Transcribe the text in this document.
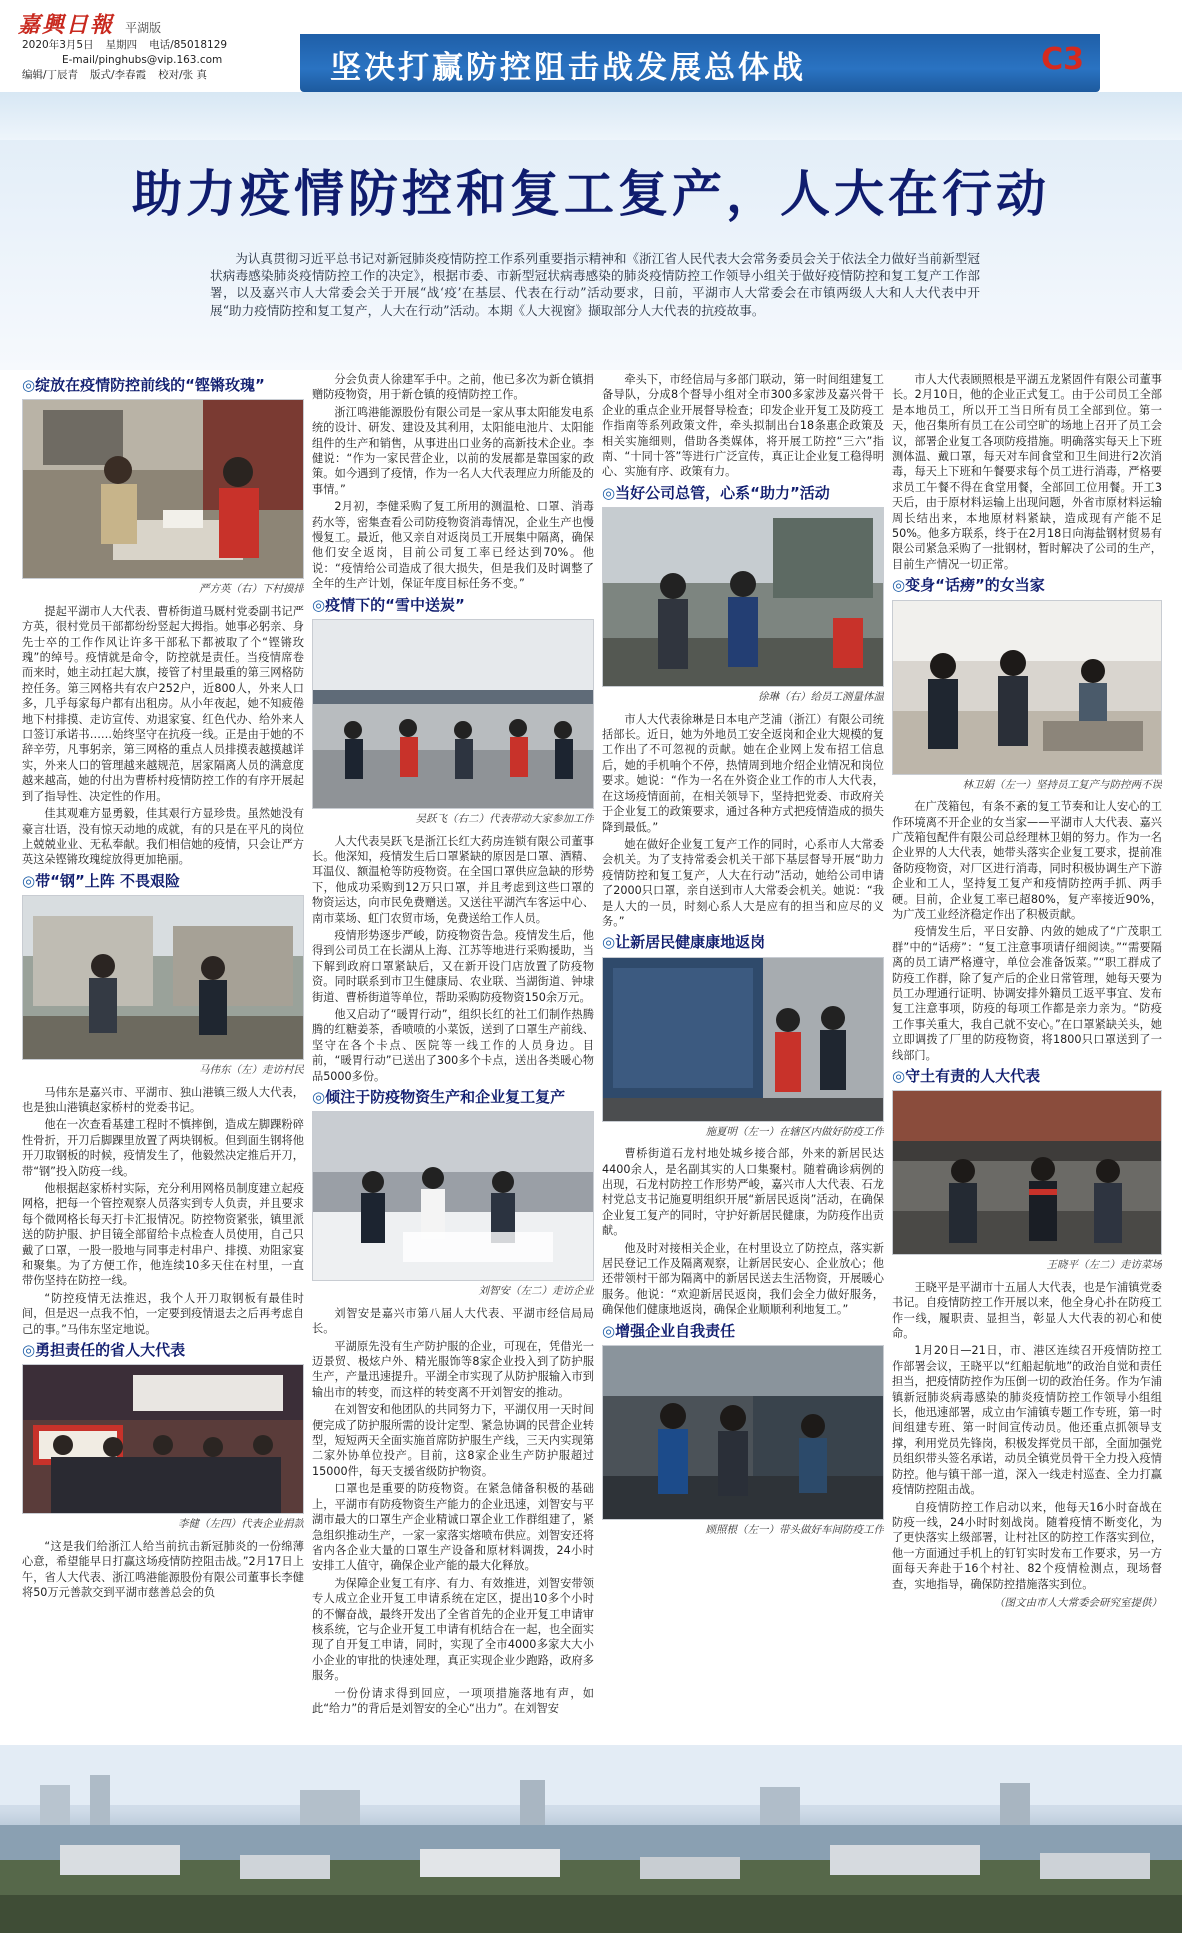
嘉興日報 平湖版
2020年3月5日 星期四 电话/85018129
E-mail/pinghubs@vip.163.com
编辑/丁辰青 版式/李春霞 校对/张 真	坚决打赢防控阻击战发展总体战	C3
助力疫情防控和复工复产，人大在行动
为认真贯彻习近平总书记对新冠肺炎疫情防控工作系列重要指示精神和《浙江省人民代表大会常务委员会关于依法全力做好当前新型冠状病毒感染肺炎疫情防控工作的决定》，根据市委、市新型冠状病毒感染的肺炎疫情防控工作领导小组关于做好疫情防控和复工复产工作部署，以及嘉兴市人大常委会关于开展“战‘疫’在基层、代表在行动”活动要求，日前，平湖市人大常委会在市镇两级人大和人大代表中开展“助力疫情防控和复工复产，人大在行动”活动。本期《人大视窗》撷取部分人大代表的抗疫故事。
◎绽放在疫情防控前线的“铿锵玫瑰”
严方英（右）下村摸排

提起平湖市人大代表、曹桥街道马厩村党委副书记严方英，很村党员干部都纷纷竖起大拇指。她事必躬亲、身先士卒的工作作风让许多干部私下都被取了个“铿锵玫瑰”的绰号。疫情就是命令，防控就是责任。当疫情席卷而来时，她主动扛起大旗，接管了村里最重的第三网格防控任务。第三网格共有农户252户，近800人，外来人口多，几乎每家每户都有出租房。从小年夜起，她不知疲倦地下村排摸、走访宣传、劝退家宴、红色代办、给外来人口签订承诺书……始终坚守在抗疫一线。正是由于她的不辞辛劳，凡事躬亲，第三网格的重点人员排摸表越摸越详实，外来人口的管理越来越规范，居家隔离人员的满意度越来越高，她的付出为曹桥村疫情防控工作的有序开展起到了指导性、决定性的作用。

佳其观难方显勇毅，佳其艰行方显珍贵。虽然她没有豪言壮语，没有惊天动地的成就，有的只是在平凡的岗位上兢兢业业、无私奉献。我们相信她的疫情，只会让严方英这朵铿锵玫瑰绽放得更加艳丽。

◎带“钢”上阵 不畏艰险
马伟东（左）走访村民

马伟东是嘉兴市、平湖市、独山港镇三级人大代表，也是独山港镇赵家桥村的党委书记。

他在一次查看基建工程时不慎摔倒，造成左脚踝粉碎性骨折，开刀后脚踝里放置了两块钢板。但到面生钢将他开刀取钢板的时候，疫情发生了，他毅然决定推后开刀，带“钢”投入防疫一线。

他根据赵家桥村实际，充分利用网格员制度建立起疫网格，把每一个管控观察人员落实到专人负责，并且要求每个微网格长每天打卡汇报情况。防控物资紧张，镇里派送的防护服、护目镜全部留给卡点检查人员使用，自己只戴了口罩，一股一股地与同事走村串户、排摸、劝阻家宴和聚集。为了方便工作，他连续10多天住在村里，一直带伤坚持在防控一线。

“防控疫情无法推迟，我个人开刀取钢板有最佳时间，但是迟一点我不怕，一定要到疫情退去之后再考虑自己的事。”马伟东坚定地说。

◎勇担责任的省人大代表
李健（左四）代表企业捐款

“这是我们给浙江人给当前抗击新冠肺炎的一份绵薄心意，希望能早日打赢这场疫情防控阻击战。”2月17日上午，省人大代表、浙江鸣港能源股份有限公司董事长李健将50万元善款交到平湖市慈善总会的负

分会负责人徐建军手中。之前，他已多次为新仓镇捐赠防疫物资，用于新仓镇的疫情防控工作。

浙江鸣港能源股份有限公司是一家从事太阳能发电系统的设计、研发、建设及其利用，太阳能电池片、太阳能组件的生产和销售，从事进出口业务的高新技术企业。李健说：“作为一家民营企业，以前的发展都是靠国家的政策。如今遇到了疫情，作为一名人大代表理应力所能及的事情。”

2月初，李健采购了复工所用的测温枪、口罩、消毒药水等，密集查看公司防疫物资消毒情况，企业生产也慢慢复工。最近，他又亲自对返岗员工开展集中隔离，确保他们安全返岗，目前公司复工率已经达到70%。他说：“疫情给公司造成了很大损失，但是我们及时调整了全年的生产计划，保证年度目标任务不变。”

◎疫情下的“雪中送炭”
吴跃飞（右二）代表带动大家参加工作

人大代表吴跃飞是浙江长红大药房连锁有限公司董事长。他深知，疫情发生后口罩紧缺的原因是口罩、酒精、耳温仪、额温枪等防疫物资。在全国口罩供应急缺的形势下，他成功采购到12万只口罩，并且考虑到这些口罩的物资运达，向市民免费赠送。又送往平湖汽车客运中心、南市菜场、虹门农贸市场，免费送给工作人员。

疫情形势逐步严峻，防疫物资告急。疫情发生后，他得到公司员工在长湖从上海、江苏等地进行采购援助，当下解到政府口罩紧缺后，又在新开设门店放置了防疫物资。同时联系到市卫生健康局、农业联、当湖街道、钟埭街道、曹桥街道等单位，帮助采购防疫物资150余万元。

他又启动了“暖胃行动”，组织长红的社工们制作热腾腾的红糖姜茶，香喷喷的小菜饭，送到了口罩生产前线、坚守在各个卡点、医院等一线工作的人员身边。目前，“暖胃行动”已送出了300多个卡点，送出各类暖心物品5000多份。

◎倾注于防疫物资生产和企业复工复产
刘智安（左二）走访企业

刘智安是嘉兴市第八届人大代表、平湖市经信局局长。

平湖原先没有生产防护服的企业，可现在，凭借光一迈景贸、极炫户外、精光服饰等8家企业投入到了防护服生产，产量迅速提升。平湖全市实现了从防护服输入市到输出市的转变，而这样的转变离不开刘智安的推动。

在刘智安和他团队的共同努力下，平湖仅用一天时间便完成了防护服所需的设计定型、紧急协调的民营企业转型，短短两天全面实施首席防护服生产线，三天内实现第二家外协单位投产。目前，这8家企业生产防护服超过15000件，每天支援省级防护物资。

口罩也是重要的防疫物资。在紧急储备积极的基础上，平湖市有防疫物资生产能力的企业迅速，刘智安与平湖市最大的口罩生产企业精诚口罩企业工作群组建了，紧急组织推动生产，一家一家落实熔喷布供应。刘智安还将省内各企业大量的口罩生产设备和原材料调拨，24小时安排工人值守，确保企业产能的最大化释放。

为保障企业复工有序、有力、有效推进，刘智安带领专人成立企业开复工申请系统在定区，提出10多个小时的不懈奋战，最终开发出了全省首先的企业开复工申请审核系统，它与企业开复工申请有机结合在一起，也全面实现了自开复工申请，同时，实现了全市4000多家大大小小企业的审批的快速处理，真正实现企业少跑路，政府多服务。

一份份请求得到回应，一项项措施落地有声，如此“给力”的背后是刘智安的全心“出力”。在刘智安

牵头下，市经信局与多部门联动，第一时间组建复工备导队，分成8个督导小组对全市300多家涉及嘉兴骨干企业的重点企业开展督导检查；印发企业开复工及防疫工作指南等系列政策文件，牵头拟制出台18条惠企政策及相关实施细则，借助各类媒体，将开展工防控“三六”指南、“十同十答”等进行广泛宣传，真正让企业复工稳得明心、实施有序、政策有力。

◎当好公司总管，心系“助力”活动
徐琳（右）给员工测量体温

市人大代表徐琳是日本电产芝浦（浙江）有限公司统括部长。近日，她为外地员工安全返岗和企业大规模的复工作出了不可忽视的贡献。她在企业网上发布招工信息后，她的手机响个不停，热情周到地介绍企业情况和岗位要求。她说：“作为一名在外资企业工作的市人大代表，在这场疫情面前，在相关领导下，坚持把党委、市政府关于企业复工的政策要求，通过各种方式把疫情造成的损失降到最低。”

她在做好企业复工复产工作的同时，心系市人大常委会机关。为了支持常委会机关干部下基层督导开展“助力疫情防控和复工复产，人大在行动”活动，她给公司申请了2000只口罩，亲自送到市人大常委会机关。她说：“我是人大的一员，时刻心系人大是应有的担当和应尽的义务。”

◎让新居民健康康地返岗
施夏明（左一）在辖区内做好防疫工作

曹桥街道石龙村地处城乡接合部，外来的新居民达4400余人，是名副其实的人口集聚村。随着确诊病例的出现，石龙村防控工作形势严峻，嘉兴市人大代表、石龙村党总支书记施夏明组织开展“新居民返岗”活动，在确保企业复工复产的同时，守护好新居民健康，为防疫作出贡献。

他及时对接相关企业，在村里设立了防控点，落实新居民登记工作及隔离观察，让新居民安心、企业放心；他还带领村干部为隔离中的新居民送去生活物资，开展暖心服务。他说：“欢迎新居民返岗，我们会全力做好服务，确保他们健康地返岗，确保企业顺顺利利地复工。”

◎增强企业自我责任
顾照根（左一）带头做好车间防疫工作

市人大代表顾照根是平湖五龙紧固件有限公司董事长。2月10日，他的企业正式复工。由于公司员工全部是本地员工，所以开工当日所有员工全部到位。第一天，他召集所有员工在公司空旷的场地上召开了员工会议，部署企业复工各项防疫措施。明确落实每天上下班测体温、戴口罩，每天对车间食堂和卫生间进行2次消毒，每天上下班和午餐要求每个员工进行消毒，严格要求员工午餐不得在食堂用餐，全部回工位用餐。开工3天后，由于原材料运输上出现问题，外省市原材料运输周长结出来，本地原材料紧缺，造成现有产能不足50%。他多方联系，终于在2月18日向海盐钢材贸易有限公司紧急采购了一批钢材，暂时解决了公司的生产，目前生产情况一切正常。

◎变身“话痨”的女当家
林卫娟（左一）坚持员工复产与防控两不误

在广茂箱包，有条不紊的复工节奏和让人安心的工作环境离不开企业的女当家——平湖市人大代表、嘉兴广茂箱包配件有限公司总经理林卫娟的努力。作为一名企业界的人大代表，她带头落实企业复工要求，提前准备防疫物资，对厂区进行消毒，同时积极协调生产下游企业和工人，坚持复工复产和疫情防控两手抓、两手硬。目前，企业复工率已超80%，复产率接近90%，为广茂工业经济稳定作出了积极贡献。

疫情发生后，平日安静、内敛的她成了“广茂职工群”中的“话痨”：“复工注意事项请仔细阅读。”“需要隔离的员工请严格遵守，单位会准备饭菜。”“职工群成了防疫工作群，除了复产后的企业日常管理，她每天要为员工办理通行证明、协调安排外籍员工返平事宜、发布复工注意事项，防疫的每项工作都是亲力亲为。“防疫工作事关重大，我自己就不安心。”在口罩紧缺关头，她立即调拨了厂里的防疫物资，将1800只口罩送到了一线部门。

◎守土有责的人大代表
王晓平（左二）走访菜场

王晓平是平湖市十五届人大代表，也是乍浦镇党委书记。自疫情防控工作开展以来，他全身心扑在防疫工作一线，履职责、显担当，彰显人大代表的初心和使命。

1月20日—21日，市、港区连续召开疫情防控工作部署会议，王晓平以“红船起航地”的政治自觉和责任担当，把疫情防控作为压倒一切的政治任务。作为乍浦镇新冠肺炎病毒感染的肺炎疫情防控工作领导小组组长，他迅速部署，成立由乍浦镇专题工作专班，第一时间组建专班、第一时间宣传动员。他还重点抓领导支撑，利用党员先锋岗，积极发挥党员干部，全面加强党员组织带头签名承诺，动员全镇党员骨干全力投入疫情防控。他与镇干部一道，深入一线走村巡查、全力打赢疫情防控阻击战。

自疫情防控工作启动以来，他每天16小时奋战在防疫一线，24小时时刻战岗。随着疫情不断变化，为了更快落实上级部署，让村社区的防控工作落实到位，他一方面通过手机上的钉钉实时发布工作要求，另一方面每天奔赴于16个村社、82个疫情检测点，现场督查，实地指导，确保防控措施落实到位。

（图文由市人大常委会研究室提供）
